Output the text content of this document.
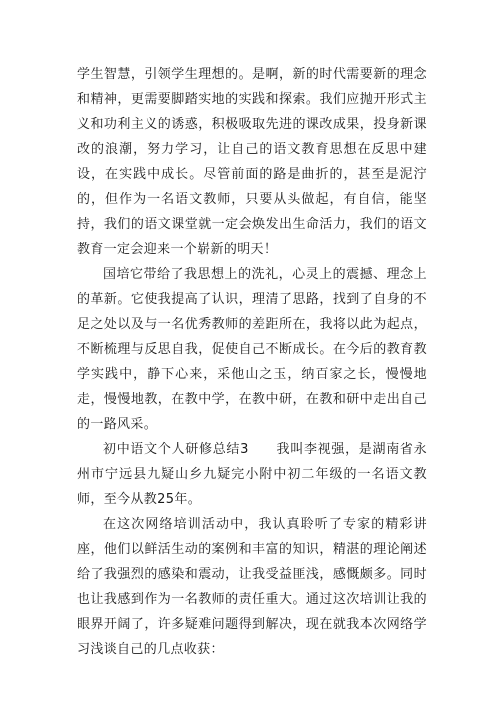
学生智慧，引领学生理想的。是啊，新的时代需要新的理念和精神，更需要脚踏实地的实践和探索。我们应抛开形式主义和功利主义的诱惑，积极吸取先进的课改成果，投身新课改的浪潮，努力学习，让自己的语文教育思想在反思中建设，在实践中成长。尽管前面的路是曲折的，甚至是泥泞的，但作为一名语文教师，只要从头做起，有自信，能坚持，我们的语文课堂就一定会焕发出生命活力，我们的语文教育一定会迎来一个崭新的明天！

国培它带给了我思想上的洗礼，心灵上的震撼、理念上的革新。它使我提高了认识，理清了思路，找到了自身的不足之处以及与一名优秀教师的差距所在，我将以此为起点，不断梳理与反思自我，促使自己不断成长。在今后的教育教学实践中，静下心来，采他山之玉，纳百家之长，慢慢地走，慢慢地教，在教中学，在教中研，在教和研中走出自己的一路风采。

初中语文个人研修总结3　　我叫李视强，是湖南省永州市宁远县九疑山乡九疑完小附中初二年级的一名语文教师，至今从教25年。

在这次网络培训活动中，我认真聆听了专家的精彩讲座，他们以鲜活生动的案例和丰富的知识，精湛的理论阐述给了我强烈的感染和震动，让我受益匪浅，感慨颇多。同时也让我感到作为一名教师的责任重大。通过这次培训让我的眼界开阔了，许多疑难问题得到解决，现在就我本次网络学习浅谈自己的几点收获：
